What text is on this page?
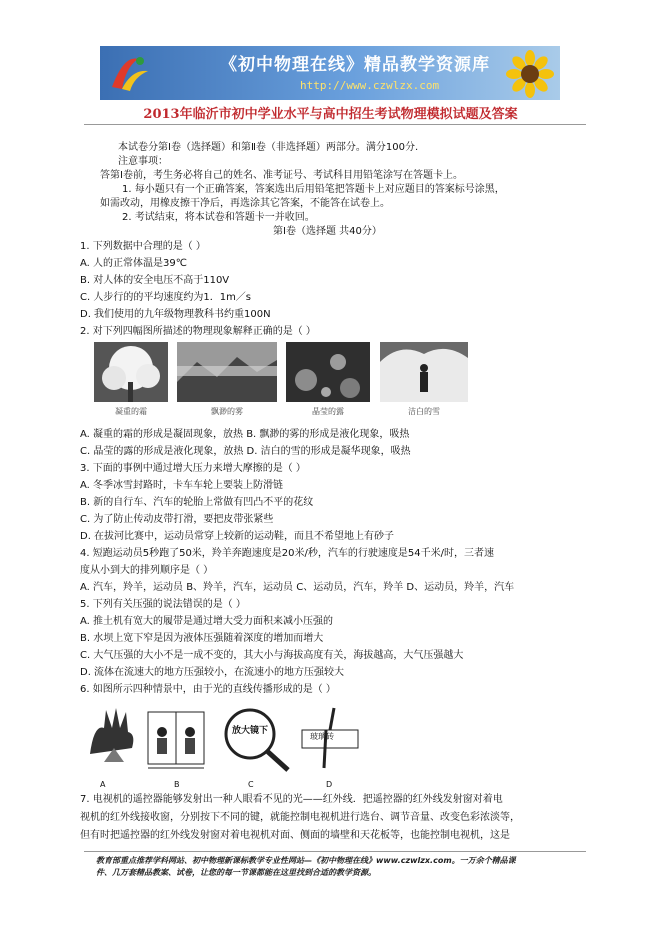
《初中物理在线》精品教学资源库
http://www.czwlzx.com
2013年临沂市初中学业水平与高中招生考试物理模拟试题及答案
本试卷分第Ⅰ卷（选择题）和第Ⅱ卷（非选择题）两部分。满分100分.
注意事项：
答第Ⅰ卷前，考生务必将自己的姓名、准考证号、考试科目用铅笔涂写在答题卡上。
1. 每小题只有一个正确答案，答案选出后用铅笔把答题卡上对应题目的答案标号涂黑，
如需改动，用橡皮擦干净后，再选涂其它答案，不能答在试卷上。
2. 考试结束，将本试卷和答题卡一并收回。
第Ⅰ卷（选择题 共40分）
1. 下列数据中合理的是（ ）
A. 人的正常体温是39℃
B. 对人体的安全电压不高于110V
C. 人步行的的平均速度约为1．1m／s
D. 我们使用的九年级物理教科书约重100N
2. 对下列四幅图所描述的物理现象解释正确的是（ ）
凝重的霜	飘渺的雾	晶莹的露	洁白的雪
A. 凝重的霜的形成是凝固现象，放热 B. 飘渺的雾的形成是液化现象，吸热
C. 晶莹的露的形成是液化现象，放热 D. 洁白的雪的形成是凝华现象，吸热
3. 下面的事例中通过增大压力来增大摩擦的是（ ）
A. 冬季冰雪封路时，卡车车轮上要装上防滑链
B. 新的自行车、汽车的轮胎上常做有凹凸不平的花纹
C. 为了防止传动皮带打滑，要把皮带张紧些
D. 在拔河比赛中，运动员常穿上较新的运动鞋，而且不希望地上有砂子
4. 短跑运动员5秒跑了50米，羚羊奔跑速度是20米/秒，汽车的行驶速度是54千米/时，三者速
度从小到大的排列顺序是（ ）
A. 汽车，羚羊，运动员 B、羚羊，汽车，运动员 C、运动员，汽车，羚羊 D、运动员，羚羊，汽车
5. 下列有关压强的说法错误的是（ ）
A. 推土机有宽大的履带是通过增大受力面积来减小压强的
B. 水坝上宽下窄是因为液体压强随着深度的增加而增大
C. 大气压强的大小不是一成不变的，其大小与海拔高度有关，海拔越高，大气压强越大
D. 流体在流速大的地方压强较小，在流速小的地方压强较大
6. 如图所示四种情景中，由于光的直线传播形成的是（ ）
A	B
放大镜下
C
玻璃砖
D
7. 电视机的遥控器能够发射出一种人眼看不见的光——红外线．把遥控器的红外线发射窗对着电
视机的红外线接收窗，分别按下不同的键，就能控制电视机进行选台、调节音量、改变色彩浓淡等，
但有时把遥控器的红外线发射窗对着电视机对面、侧面的墙壁和天花板等，也能控制电视机，这是
教育部重点推荐学科网站、初中物理新课标教学专业性网站—《初中物理在线》www.czwlzx.com。一万余个精品课
件、几万套精品教案、试卷，让您的每一节课都能在这里找到合适的教学资源。
